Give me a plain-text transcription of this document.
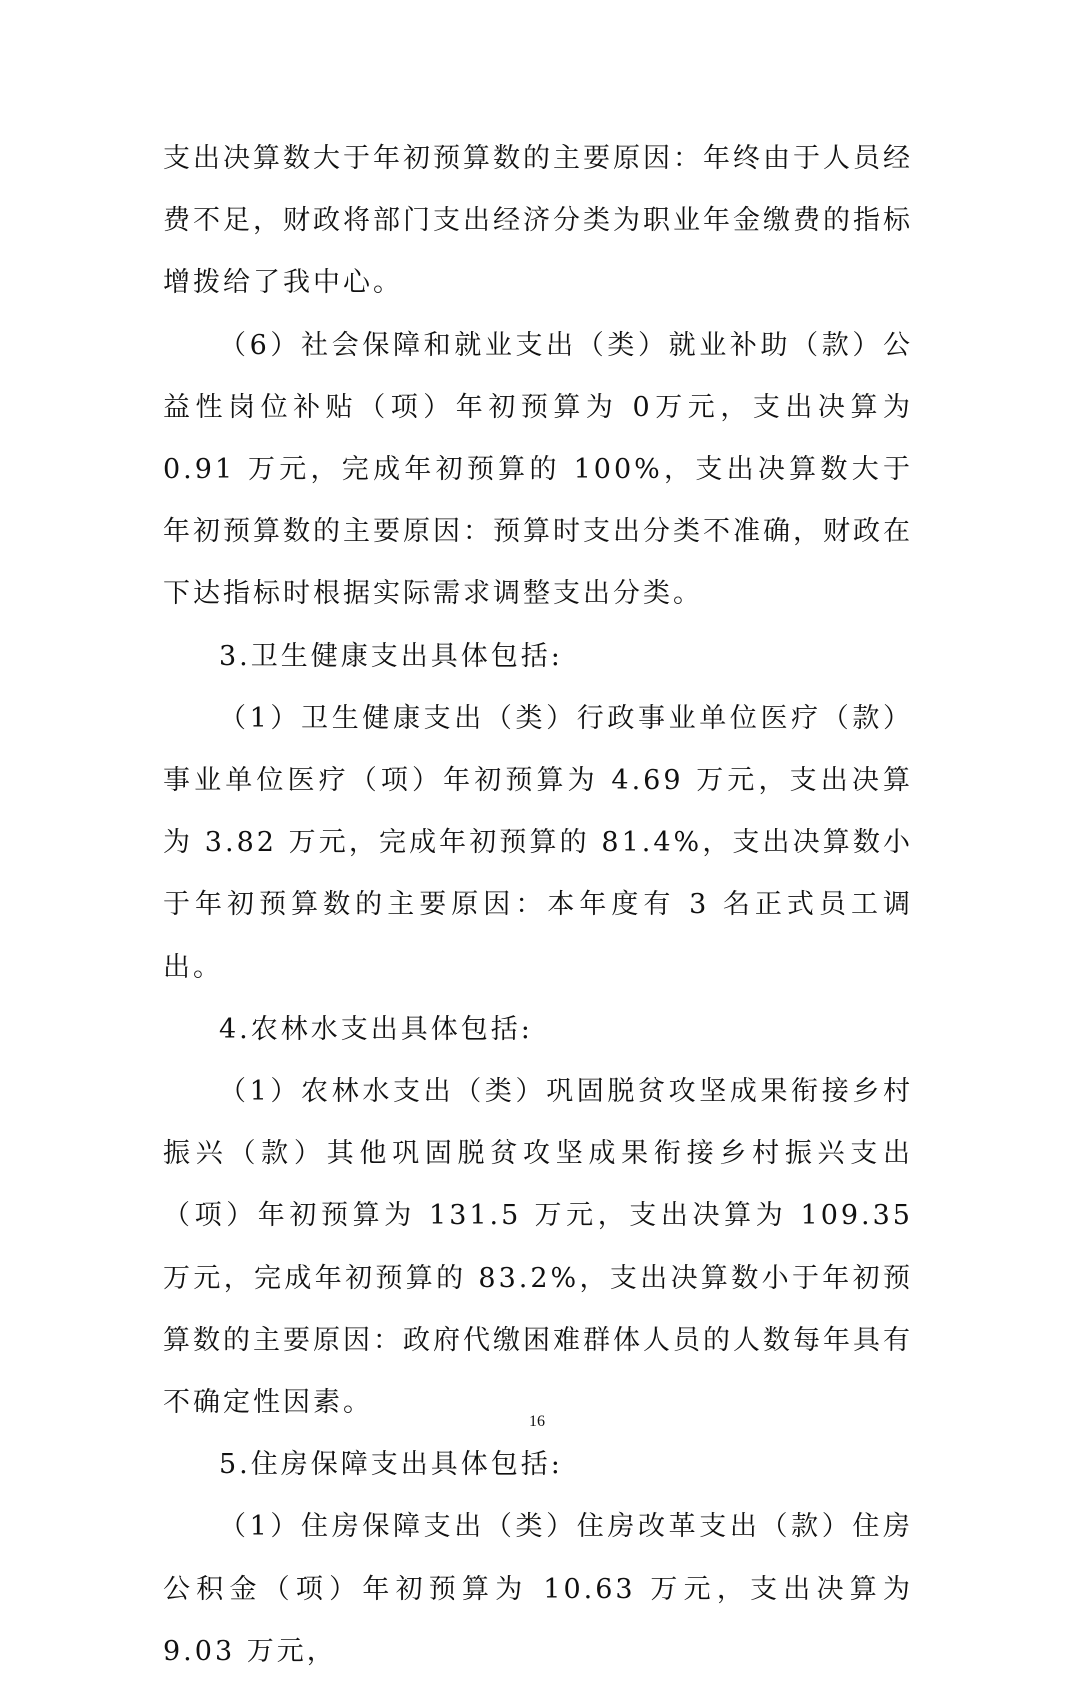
支出决算数大于年初预算数的主要原因：年终由于人员经费不足，财政将部门支出经济分类为职业年金缴费的指标增拨给了我中心。

（6）社会保障和就业支出（类）就业补助（款）公益性岗位补贴（项）年初预算为 0万元，支出决算为 0.91 万元，完成年初预算的 100%，支出决算数大于年初预算数的主要原因：预算时支出分类不准确，财政在下达指标时根据实际需求调整支出分类。

3.卫生健康支出具体包括:

（1）卫生健康支出（类）行政事业单位医疗（款）事业单位医疗（项）年初预算为 4.69 万元，支出决算为 3.82 万元，完成年初预算的 81.4%，支出决算数小于年初预算数的主要原因：本年度有 3 名正式员工调出。

4.农林水支出具体包括:

（1）农林水支出（类）巩固脱贫攻坚成果衔接乡村振兴（款）其他巩固脱贫攻坚成果衔接乡村振兴支出（项）年初预算为 131.5 万元，支出决算为 109.35 万元，完成年初预算的 83.2%，支出决算数小于年初预算数的主要原因：政府代缴困难群体人员的人数每年具有不确定性因素。

5.住房保障支出具体包括:

（1）住房保障支出（类）住房改革支出（款）住房公积金（项）年初预算为 10.63 万元，支出决算为 9.03 万元，

16
